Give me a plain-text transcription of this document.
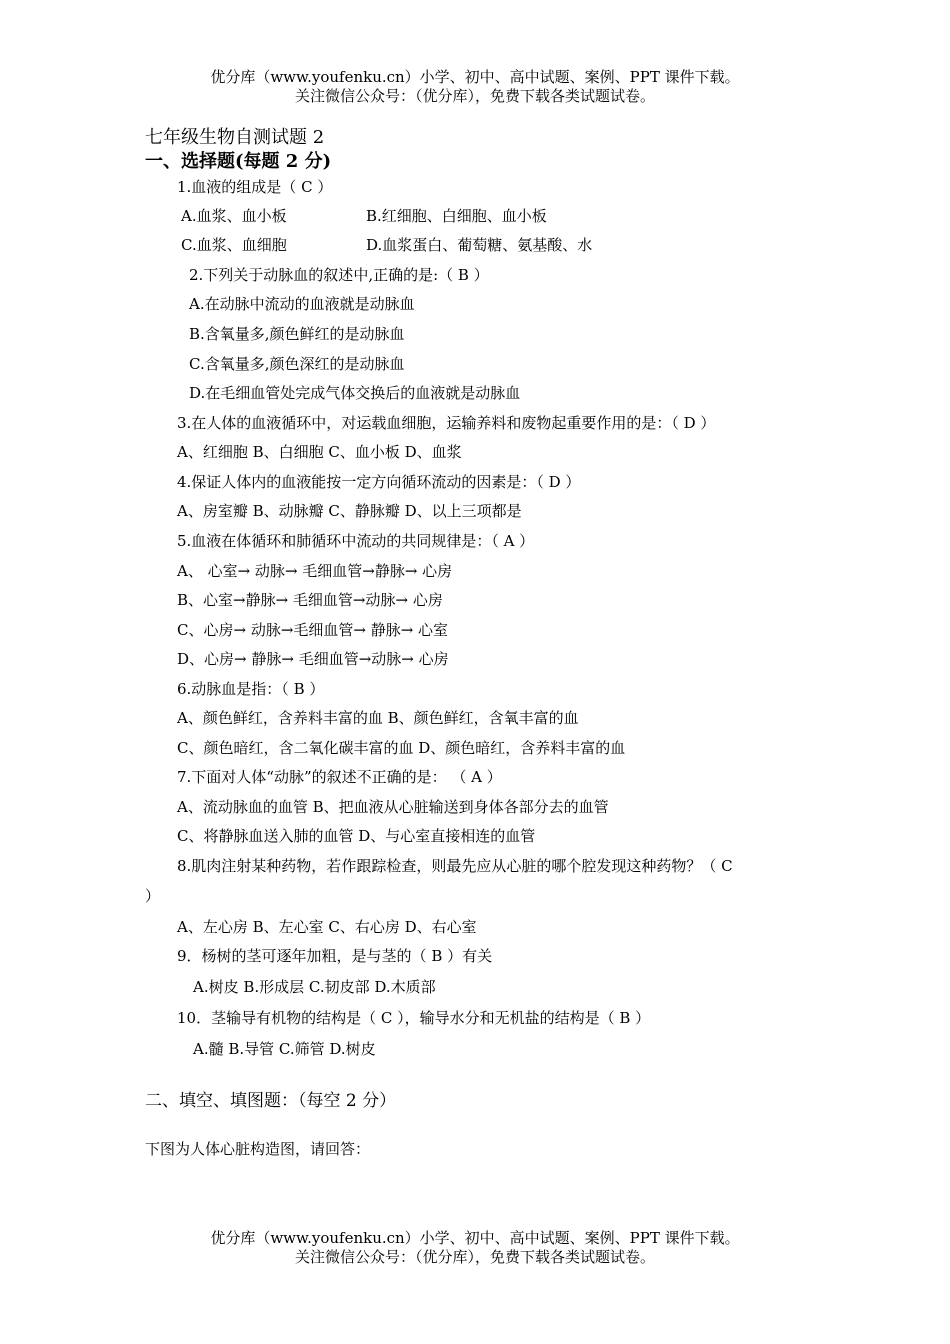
优分库（www.youfenku.cn）小学、初中、高中试题、案例、PPT 课件下载。
关注微信公众号：（优分库），免费下载各类试题试卷。
七年级生物自测试题 2
一、选择题(每题 2 分)
1.血液的组成是（ C ）
A.血浆、血小板	B.红细胞、白细胞、血小板
C.血浆、血细胞	D.血浆蛋白、葡萄糖、氨基酸、水
2.下列关于动脉血的叙述中,正确的是:（ B ）
A.在动脉中流动的血液就是动脉血
B.含氧量多,颜色鲜红的是动脉血
C.含氧量多,颜色深红的是动脉血
D.在毛细血管处完成气体交换后的血液就是动脉血
3.在人体的血液循环中，对运载血细胞，运输养料和废物起重要作用的是：（ D ）
A、红细胞 B、白细胞 C、血小板 D、血浆
4.保证人体内的血液能按一定方向循环流动的因素是：（ D ）
A、房室瓣 B、动脉瓣 C、静脉瓣 D、以上三项都是
5.血液在体循环和肺循环中流动的共同规律是：（ A ）
A、 心室→ 动脉→ 毛细血管→静脉→ 心房
B、心室→静脉→ 毛细血管→动脉→ 心房
C、心房→ 动脉→毛细血管→ 静脉→ 心室
D、心房→ 静脉→ 毛细血管→动脉→ 心房
6.动脉血是指：（ B ）
A、颜色鲜红，含养料丰富的血 B、颜色鲜红，含氧丰富的血
C、颜色暗红，含二氧化碳丰富的血 D、颜色暗红，含养料丰富的血
7.下面对人体“动脉”的叙述不正确的是： （ A ）
A、流动脉血的血管 B、把血液从心脏输送到身体各部分去的血管
C、将静脉血送入肺的血管 D、与心室直接相连的血管
8.肌肉注射某种药物，若作跟踪检查，则最先应从心脏的哪个腔发现这种药物？（ C
）
A、左心房 B、左心室 C、右心房 D、右心室
9．杨树的茎可逐年加粗，是与茎的（ B ）有关
A.树皮 B.形成层 C.韧皮部 D.木质部
10．茎输导有机物的结构是（ C ），输导水分和无机盐的结构是（ B ）
A.髓 B.导管 C.筛管 D.树皮
二、填空、填图题：（每空 2 分）
下图为人体心脏构造图，请回答：
优分库（www.youfenku.cn）小学、初中、高中试题、案例、PPT 课件下载。
关注微信公众号：（优分库），免费下载各类试题试卷。
